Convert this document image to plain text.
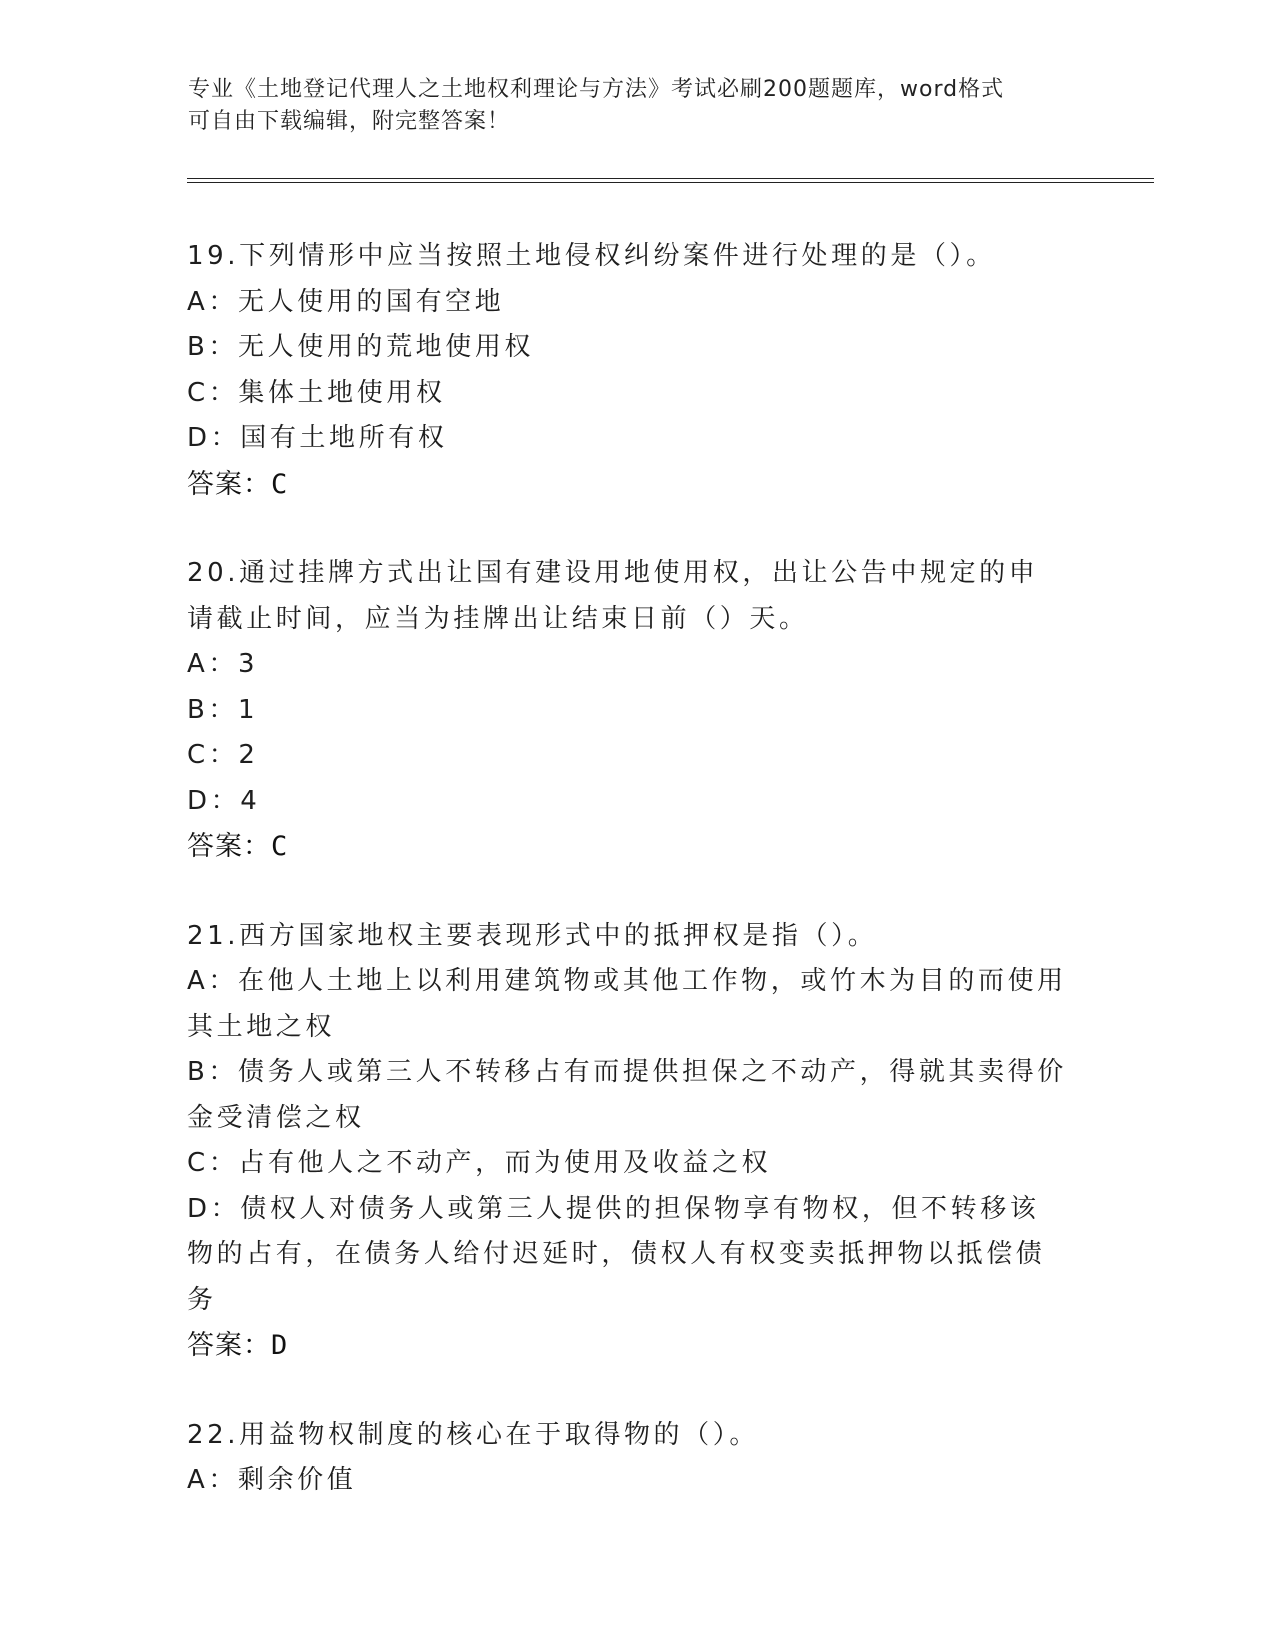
专业《土地登记代理人之土地权利理论与方法》考试必刷200题题库，word格式
可自由下载编辑，附完整答案！
19.下列情形中应当按照土地侵权纠纷案件进行处理的是（）。
A：无人使用的国有空地
B：无人使用的荒地使用权
C：集体土地使用权
D：国有土地所有权
答案：C
20.通过挂牌方式出让国有建设用地使用权，出让公告中规定的申请截止时间，应当为挂牌出让结束日前（）天。
A：3
B：1
C：2
D：4
答案：C
21.西方国家地权主要表现形式中的抵押权是指（）。
A：在他人土地上以利用建筑物或其他工作物，或竹木为目的而使用其土地之权
B：债务人或第三人不转移占有而提供担保之不动产，得就其卖得价金受清偿之权
C：占有他人之不动产，而为使用及收益之权
D：债权人对债务人或第三人提供的担保物享有物权，但不转移该物的占有，在债务人给付迟延时，债权人有权变卖抵押物以抵偿债务
答案：D
22.用益物权制度的核心在于取得物的（）。
A：剩余价值
